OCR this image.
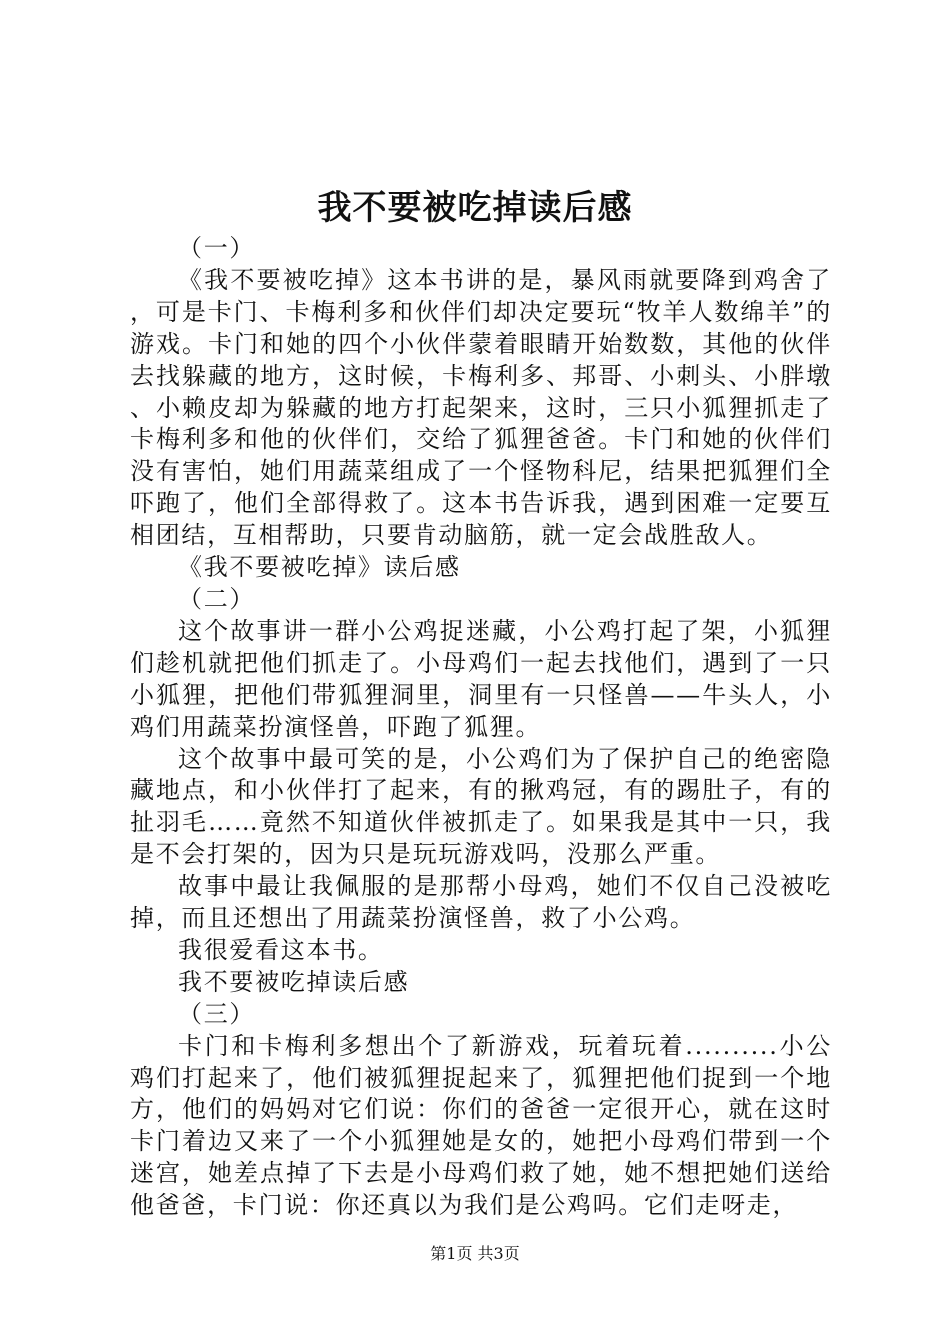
我不要被吃掉读后感

（一）

《我不要被吃掉》这本书讲的是，暴风雨就要降到鸡舍了，可是卡门、卡梅利多和伙伴们却决定要玩“牧羊人数绵羊”的游戏。卡门和她的四个小伙伴蒙着眼睛开始数数，其他的伙伴去找躲藏的地方，这时候，卡梅利多、邦哥、小刺头、小胖墩、小赖皮却为躲藏的地方打起架来，这时，三只小狐狸抓走了卡梅利多和他的伙伴们，交给了狐狸爸爸。卡门和她的伙伴们没有害怕，她们用蔬菜组成了一个怪物科尼，结果把狐狸们全吓跑了，他们全部得救了。这本书告诉我，遇到困难一定要互相团结，互相帮助，只要肯动脑筋，就一定会战胜敌人。

《我不要被吃掉》读后感

（二）

这个故事讲一群小公鸡捉迷藏，小公鸡打起了架，小狐狸们趁机就把他们抓走了。小母鸡们一起去找他们，遇到了一只小狐狸，把他们带狐狸洞里，洞里有一只怪兽——牛头人，小鸡们用蔬菜扮演怪兽，吓跑了狐狸。

这个故事中最可笑的是，小公鸡们为了保护自己的绝密隐藏地点，和小伙伴打了起来，有的揪鸡冠，有的踢肚子，有的扯羽毛……竟然不知道伙伴被抓走了。如果我是其中一只，我是不会打架的，因为只是玩玩游戏吗，没那么严重。

故事中最让我佩服的是那帮小母鸡，她们不仅自己没被吃掉，而且还想出了用蔬菜扮演怪兽，救了小公鸡。

我很爱看这本书。

我不要被吃掉读后感

（三）

卡门和卡梅利多想出个了新游戏，玩着玩着..........小公鸡们打起来了，他们被狐狸捉起来了，狐狸把他们捉到一个地方，他们的妈妈对它们说：你们的爸爸一定很开心，就在这时卡门着边又来了一个小狐狸她是女的，她把小母鸡们带到一个迷宫，她差点掉了下去是小母鸡们救了她，她不想把她们送给他爸爸，卡门说：你还真以为我们是公鸡吗。它们走呀走，

第1页 共3页
